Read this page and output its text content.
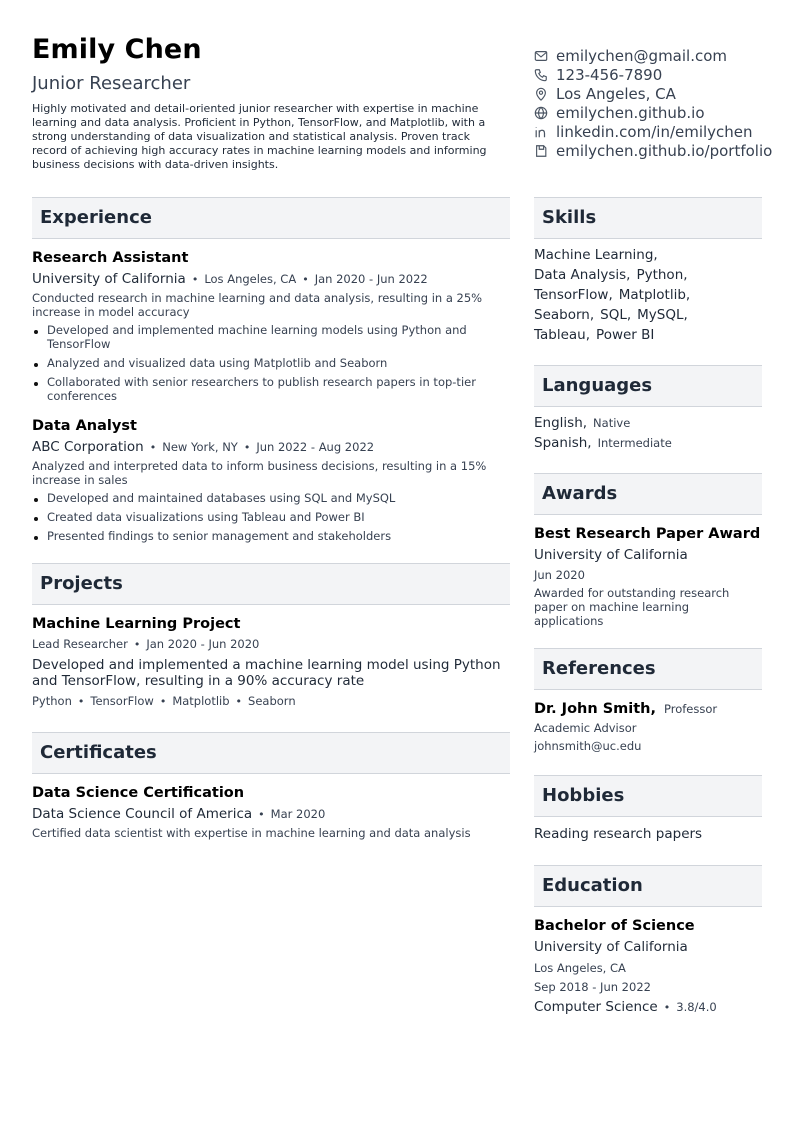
Emily Chen
Junior Researcher
Highly motivated and detail-oriented junior researcher with expertise in machine learning and data analysis. Proficient in Python, TensorFlow, and Matplotlib, with a strong understanding of data visualization and statistical analysis. Proven track record of achieving high accuracy rates in machine learning models and informing business decisions with data-driven insights.
emilychen@gmail.com
123-456-7890
Los Angeles, CA
emilychen.github.io
linkedin.com/in/emilychen
emilychen.github.io/portfolio
Experience
Research Assistant
University of California • Los Angeles, CA • Jan 2020 - Jun 2022
Conducted research in machine learning and data analysis, resulting in a 25% increase in model accuracy
Developed and implemented machine learning models using Python and TensorFlow
Analyzed and visualized data using Matplotlib and Seaborn
Collaborated with senior researchers to publish research papers in top-tier conferences
Data Analyst
ABC Corporation • New York, NY • Jun 2022 - Aug 2022
Analyzed and interpreted data to inform business decisions, resulting in a 15% increase in sales
Developed and maintained databases using SQL and MySQL
Created data visualizations using Tableau and Power BI
Presented findings to senior management and stakeholders
Projects
Machine Learning Project
Lead Researcher • Jan 2020 - Jun 2020
Developed and implemented a machine learning model using Python and TensorFlow, resulting in a 90% accuracy rate
Python • TensorFlow • Matplotlib • Seaborn
Certificates
Data Science Certification
Data Science Council of America • Mar 2020
Certified data scientist with expertise in machine learning and data analysis
Skills
Machine Learning,
Data Analysis, Python,
TensorFlow, Matplotlib,
Seaborn, SQL, MySQL,
Tableau, Power BI
Languages
English, Native
Spanish, Intermediate
Awards
Best Research Paper Award
University of California
Jun 2020
Awarded for outstanding research paper on machine learning applications
References
Dr. John Smith, Professor
Academic Advisor
johnsmith@uc.edu
Hobbies
Reading research papers
Education
Bachelor of Science
University of California
Los Angeles, CA
Sep 2018 - Jun 2022
Computer Science • 3.8/4.0
